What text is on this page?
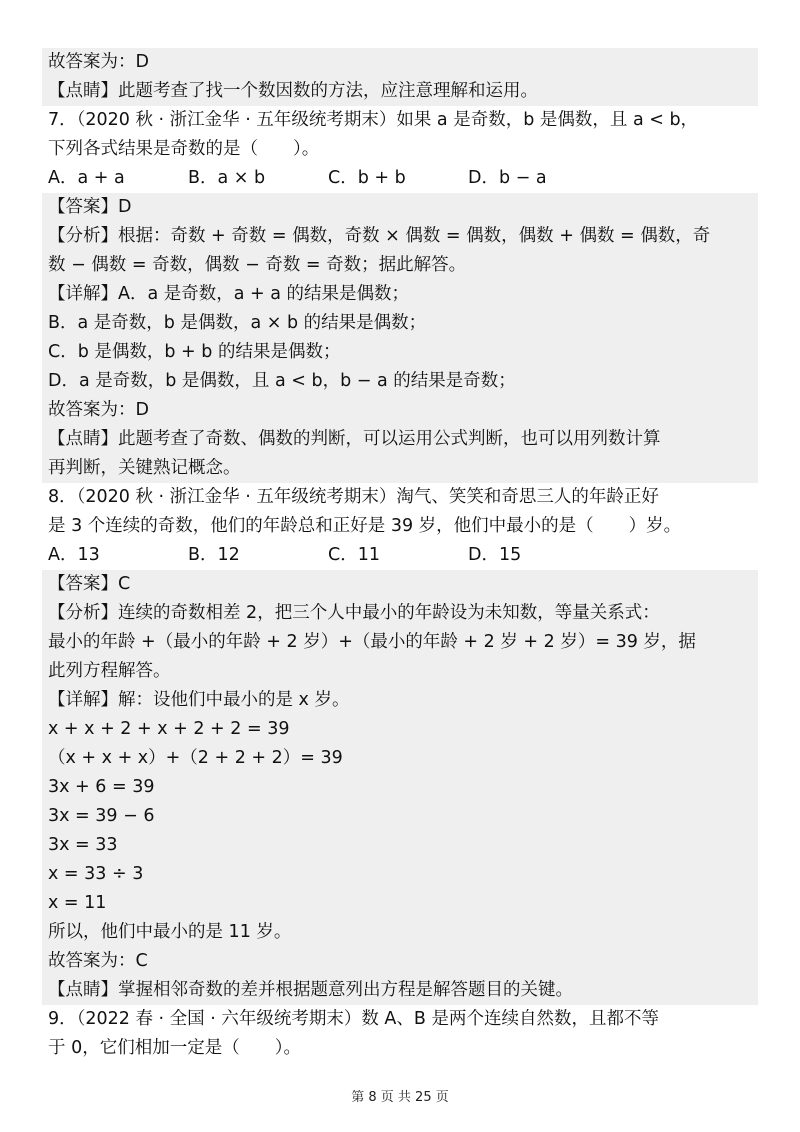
故答案为：D
【点睛】此题考查了找一个数因数的方法，应注意理解和运用。
7．（2020 秋 · 浙江金华 · 五年级统考期末）如果 a 是奇数，b 是偶数，且 a < b，
下列各式结果是奇数的是（　　）。
A．a + a	B．a × b	C．b + b	D．b − a
【答案】D
【分析】根据：奇数 + 奇数 = 偶数，奇数 × 偶数 = 偶数，偶数 + 偶数 = 偶数，奇
数 − 偶数 = 奇数，偶数 − 奇数 = 奇数；据此解答。
【详解】A．a 是奇数，a + a 的结果是偶数；
B．a 是奇数，b 是偶数，a × b 的结果是偶数；
C．b 是偶数，b + b 的结果是偶数；
D．a 是奇数，b 是偶数，且 a < b，b − a 的结果是奇数；
故答案为：D
【点睛】此题考查了奇数、偶数的判断，可以运用公式判断，也可以用列数计算
再判断，关键熟记概念。
8．（2020 秋 · 浙江金华 · 五年级统考期末）淘气、笑笑和奇思三人的年龄正好
是 3 个连续的奇数，他们的年龄总和正好是 39 岁，他们中最小的是（　　）岁。
A．13	B．12	C．11	D．15
【答案】C
【分析】连续的奇数相差 2，把三个人中最小的年龄设为未知数，等量关系式：
最小的年龄 +（最小的年龄 + 2 岁）+（最小的年龄 + 2 岁 + 2 岁）= 39 岁，据
此列方程解答。
【详解】解：设他们中最小的是 x 岁。
x + x + 2 + x + 2 + 2 = 39
（x + x + x）+（2 + 2 + 2）= 39
3x + 6 = 39
3x = 39 − 6
3x = 33
x = 33 ÷ 3
x = 11
所以，他们中最小的是 11 岁。
故答案为：C
【点睛】掌握相邻奇数的差并根据题意列出方程是解答题目的关键。
9．（2022 春 · 全国 · 六年级统考期末）数 A、B 是两个连续自然数，且都不等
于 0，它们相加一定是（　　）。
第 8 页 共 25 页
